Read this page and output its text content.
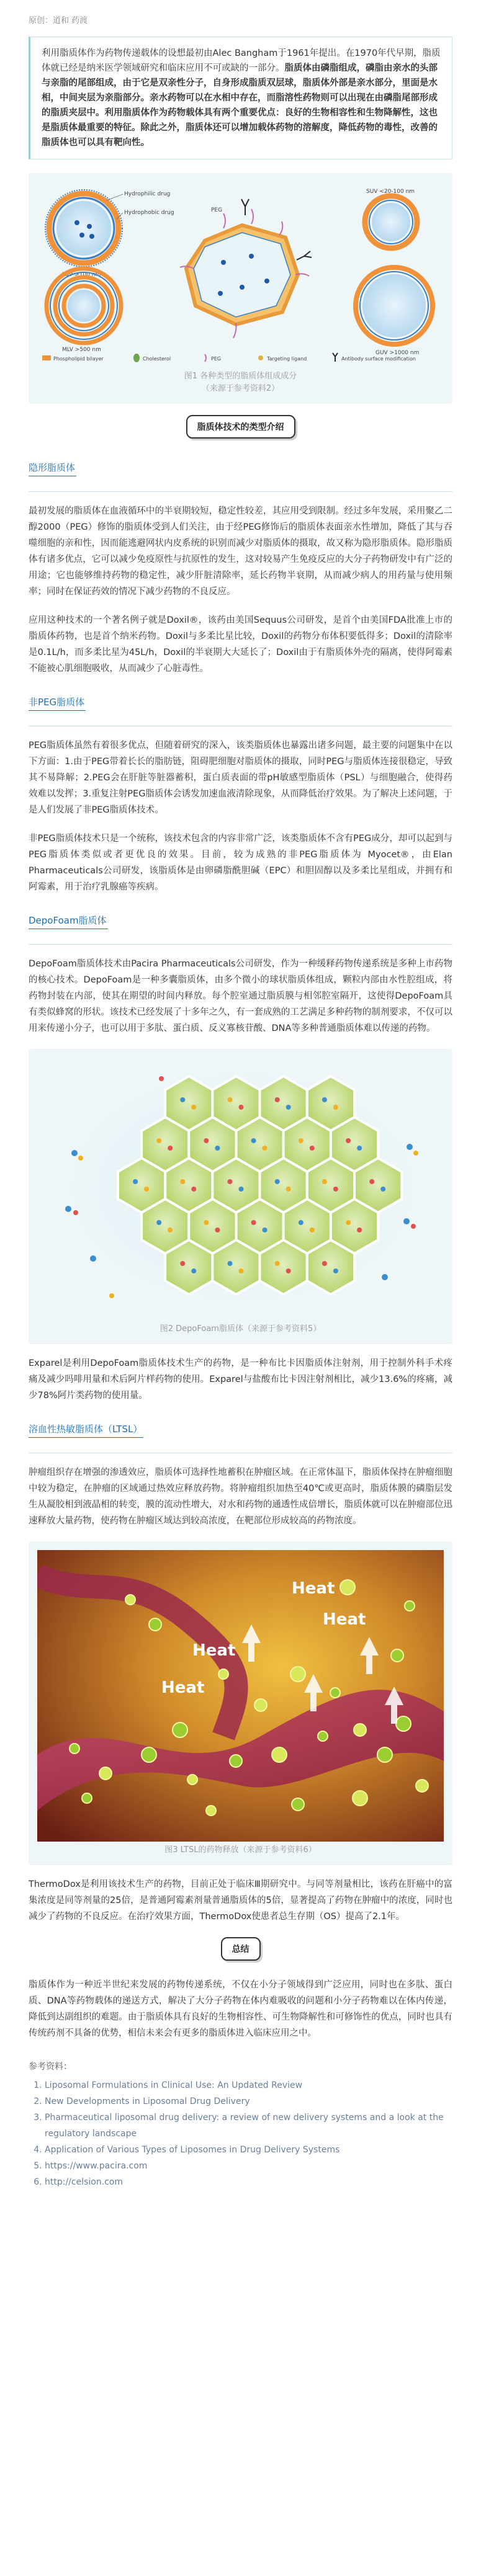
原创：道和 药渡
利用脂质体作为药物传递载体的设想最初由Alec Bangham于1961年提出。在1970年代早期，脂质体就已经是纳米医学领域研究和临床应用不可或缺的一部分。脂质体由磷脂组成，磷脂由亲水的头部与亲脂的尾部组成，由于它是双亲性分子，自身形成脂质双层球，脂质体外部是亲水部分，里面是水相，中间夹层为亲脂部分。亲水药物可以在水相中存在，而脂溶性药物则可以出现在由磷脂尾部形成的脂质夹层中。利用脂质体作为药物载体具有两个重要优点：良好的生物相容性和生物降解性，这也是脂质体最重要的特征。除此之外，脂质体还可以增加载体药物的溶解度，降低药物的毒性，改善的脂质体也可以具有靶向性。
Hydrophilic drug
Hydrophobic drug
LUV >100 nm
MLV >500 nm
PEG
SUV <20-100 nm
GUV >1000 nm
Phospholipid bilayer	Cholesterol	PEG	Targeting ligand	Antibody surface modification
图1 各种类型的脂质体组成成分
（来源于参考资料2）
脂质体技术的类型介绍
隐形脂质体

最初发展的脂质体在血液循环中的半衰期较短，稳定性较差，其应用受到限制。经过多年发展，采用聚乙二醇2000（PEG）修饰的脂质体受到人们关注，由于经PEG修饰后的脂质体表面亲水性增加，降低了其与吞噬细胞的亲和性，因而能逃避网状内皮系统的识别而减少对脂质体的摄取，故又称为隐形脂质体。隐形脂质体有诸多优点，它可以减少免疫原性与抗原性的发生，这对较易产生免疫反应的大分子药物研发中有广泛的用途；它也能够维持药物的稳定性，减少肝脏清除率，延长药物半衰期，从而减少病人的用药量与使用频率；同时在保证药效的情况下减少药物的不良反应。

应用这种技术的一个著名例子就是Doxil®，该药由美国Sequus公司研发，是首个由美国FDA批准上市的脂质体药物，也是首个纳米药物。Doxil与多柔比星比较，Doxil的药物分布体积要低得多；Doxil的清除率是0.1L/h，而多柔比星为45L/h，Doxil的半衰期大大延长了；Doxil由于有脂质体外壳的隔离，使得阿霉素不能被心肌细胞吸收，从而减少了心脏毒性。

非PEG脂质体

PEG脂质体虽然有着很多优点，但随着研究的深入，该类脂质体也暴露出诸多问题，最主要的问题集中在以下方面：1.由于PEG带着长长的脂肪链，阻碍肥细胞对脂质体的摄取，同时PEG与脂质体连接很稳定，导致其不易降解；2.PEG会在肝脏等脏器蓄积，蛋白质表面的带pH敏感型脂质体（PSL）与细胞融合，使得药效难以发挥；3.重复注射PEG脂质体会诱发加速血液清除现象，从而降低治疗效果。为了解决上述问题，于是人们发展了非PEG脂质体技术。

非PEG脂质体技术只是一个统称，该技术包含的内容非常广泛，该类脂质体不含有PEG成分，却可以起到与PEG脂质体类似或者更优良的效果。目前，较为成熟的非PEG脂质体为 Myocet®，由Elan Pharmaceuticals公司研发，该脂质体是由卵磷脂酰胆碱（EPC）和胆固醇以及多柔比星组成，并拥有和阿霉素，用于治疗乳腺癌等疾病。

DepoFoam脂质体

DepoFoam脂质体技术由Pacira Pharmaceuticals公司研发，作为一种缓释药物传递系统是多种上市药物的核心技术。DepoFoam是一种多囊脂质体，由多个微小的球状脂质体组成，颗粒内部由水性腔组成，将药物封装在内部，使其在期望的时间内释放。每个腔室通过脂质膜与相邻腔室隔开，这使得DepoFoam具有类似蜂窝的形状。该技术已经发展了十多年之久，有一套成熟的工艺满足多种药物的制剂要求，不仅可以用来传递小分子，也可以用于多肽、蛋白质、反义寡核苷酸、DNA等多种普通脂质体难以传递的药物。

图2 DepoFoam脂质体（来源于参考资料5）

Exparel是利用DepoFoam脂质体技术生产的药物，是一种布比卡因脂质体注射剂，用于控制外科手术疼痛及减少吗啡用量和术后阿片样药物的使用。Exparel与盐酸布比卡因注射剂相比，减少13.6%的疼痛，减少78%阿片类药物的使用量。

溶血性热敏脂质体（LTSL）

肿瘤组织存在增强的渗透效应，脂质体可选择性地蓄积在肿瘤区域。在正常体温下，脂质体保持在肿瘤细胞中较为稳定，在肿瘤的区域通过热效应释放药物。将肿瘤组织加热至40℃或更高时，脂质体膜的磷脂层发生从凝胶相到液晶相的转变，膜的流动性增大，对水和药物的通透性成倍增长，脂质体就可以在肿瘤部位迅速释放大量药物，使药物在肿瘤区域达到较高浓度，在靶部位形成较高的药物浓度。

Heat
Heat
Heat
Heat
图3 LTSL的药物释放（来源于参考资料6）

ThermoDox是利用该技术生产的药物，目前正处于临床Ⅲ期研究中。与同等剂量相比，该药在肝癌中的富集浓度是同等剂量的25倍，是普通阿霉素剂量普通脂质体的5倍，显著提高了药物在肿瘤中的浓度，同时也减少了药物的不良反应。在治疗效果方面，ThermoDox使患者总生存期（OS）提高了2.1年。

总结

脂质体作为一种近半世纪来发展的药物传递系统，不仅在小分子领域得到广泛应用，同时也在多肽、蛋白质、DNA等药物载体的递送方式，解决了大分子药物在体内难吸收的问题和小分子药物难以在体内传递，降低到达副组织的难题。由于脂质体具有良好的生物相容性、可生物降解性和可修饰性的优点，同时也具有传统药剂不具备的优势，相信未来会有更多的脂质体进入临床应用之中。

参考资料：
1. Liposomal Formulations in Clinical Use: An Updated Review
2. New Developments in Liposomal Drug Delivery
3. Pharmaceutical liposomal drug delivery: a review of new delivery systems and a look at the regulatory landscape
4. Application of Various Types of Liposomes in Drug Delivery Systems
5. https://www.pacira.com
6. http://celsion.com
